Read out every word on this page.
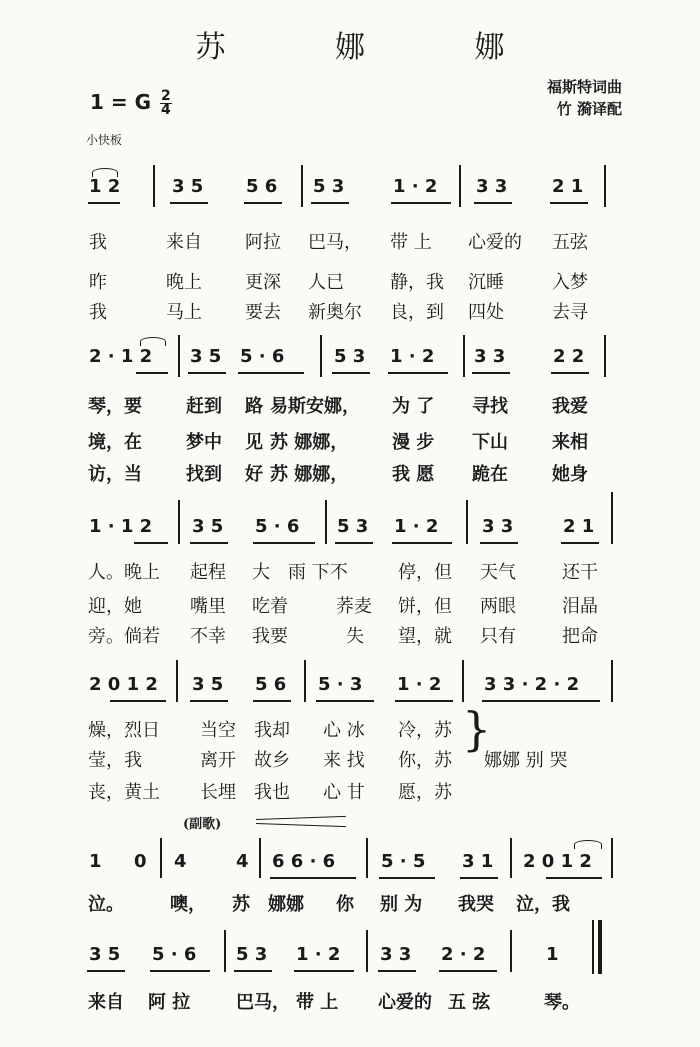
苏 娜 娜
福斯特词曲
竹 漪译配
1 = G $\frac{2}{4}$
小快板
1 2	3 5 5 6 5 3	1 · 2 3 3 2 1
我	来自 阿拉 巴马， 带 上 心爱的 五弦
昨	晚上 更深 人已	静，我 沉睡	入梦
我	马上 要去 新奥尔 良，到 四处	去寻
2 · 1 2 3 5 5 · 6	5 3 1 · 2 3 3	2 2
琴，要 赶到 路 易斯安娜， 为 了 寻找 我爱
境，在 梦中 见 苏 娜娜， 漫 步 下山 来相
访，当 找到 好 苏 娜娜， 我 愿 跪在 她身
1 · 1 2 3 5 5 · 6 5 3 1 · 2 3 3	2 1
人。晚上 起程 大 雨 下不	停，但 天气	还干
迎，她	嘴里 吃着	荞麦 饼，但 两眼	泪晶
旁。倘若 不幸 我要	失 望，就 只有	把命
2 0 1 2 3 5 5 6 5 · 3 1 · 2 3 3 · 2 · 2
燥，烈日 当空 我却 心 冰 冷，苏
莹，我	离开 故乡 来 找 你，苏
丧，黄土 长埋 我也 心 甘 愿，苏
}
娜娜 别 哭
(副歌)
1 0 4	4 6 6 · 6	5 · 5 3 1 2 0 1 2
泣。	噢， 苏 娜娜 你 别 为 我哭 泣，我
3 5 5 · 6 5 3 1 · 2 3 3 2 · 2	1
来自 阿 拉	巴马， 带 上 心爱的 五 弦	琴。
